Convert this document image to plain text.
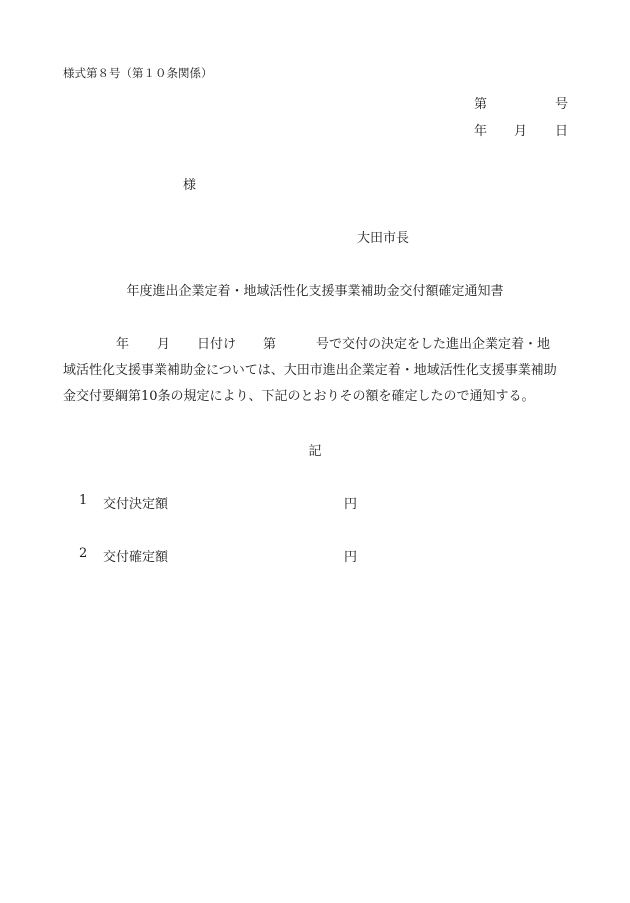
様式第８号（第１０条関係）
第	号
年 月 日
様
大田市長
年度進出企業定着・地域活性化支援事業補助金交付額確定通知書
年 月 日付け 第	号で交付の決定をした進出企業定着・地
域活性化支援事業補助金については、大田市進出企業定着・地域活性化支援事業補助
金交付要綱第10条の規定により、下記のとおりその額を確定したので通知する。
記
1 交付決定額	円
2 交付確定額	円
